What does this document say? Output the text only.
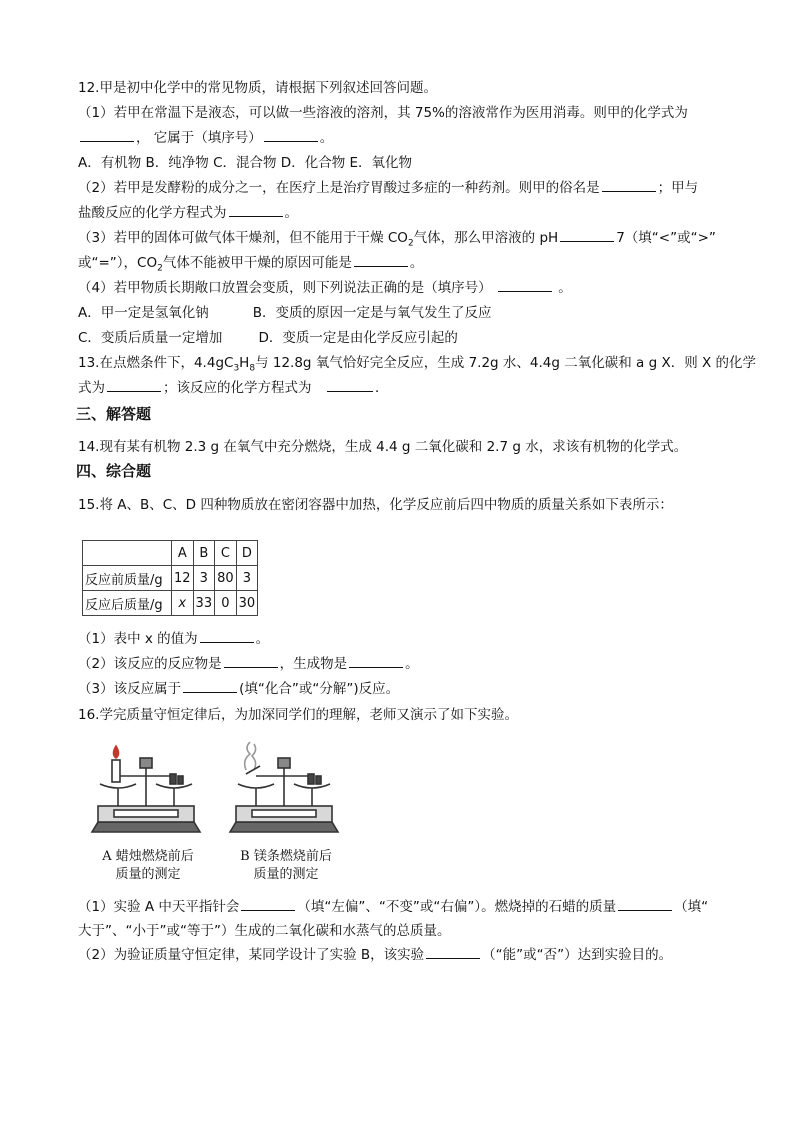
12.甲是初中化学中的常见物质，请根据下列叙述回答问题。
（1）若甲在常温下是液态，可以做一些溶液的溶剂，其 75%的溶液常作为医用消毒。则甲的化学式为
， 它属于（填序号）	。
A．有机物 B．纯净物 C．混合物 D．化合物 E．氧化物
（2）若甲是发酵粉的成分之一，在医疗上是治疗胃酸过多症的一种药剂。则甲的俗名是	；甲与
盐酸反应的化学方程式为	。
（3）若甲的固体可做气体干燥剂，但不能用于干燥 $CO_2$气体，那么甲溶液的 pH	7（填“<”或“>”
或“=”），$CO_2$气体不能被甲干燥的原因可能是	。
（4）若甲物质长期敞口放置会变质，则下列说法正确的是（填序号）	。
A．甲一定是氢氧化钠	B．变质的原因一定是与氧气发生了反应
C．变质后质量一定增加	D．变质一定是由化学反应引起的
13.在点燃条件下，$4.4gC_3H_8$与 12.8g 氧气恰好完全反应，生成 7.2g 水、4.4g 二氧化碳和 a g X．则 X 的化学
式为	；该反应的化学方程式为　	．
三、解答题
14.现有某有机物 2.3 g 在氧气中充分燃烧，生成 4.4 g 二氧化碳和 2.7 g 水，求该有机物的化学式。
四、综合题
15.将 A、B、C、D 四种物质放在密闭容器中加热，化学反应前后四中物质的质量关系如下表所示：
	A	B	C	D
反应前质量/g	12	3	80	3
反应后质量/g	x	33	0	30
（1）表中 x 的值为	。
（2）该反应的反应物是	，生成物是	。
（3）该反应属于	(填“化合”或“分解”)反应。
16.学完质量守恒定律后，为加深同学们的理解，老师又演示了如下实验。
A 蜡烛燃烧前后
质量的测定
B 镁条燃烧前后
质量的测定
（1）实验 A 中天平指针会	（填“左偏”、“不变”或“右偏”）。燃烧掉的石蜡的质量	（填“
大于”、“小于”或“等于”）生成的二氧化碳和水蒸气的总质量。
（2）为验证质量守恒定律，某同学设计了实验 B，该实验	（“能”或“否”）达到实验目的。
